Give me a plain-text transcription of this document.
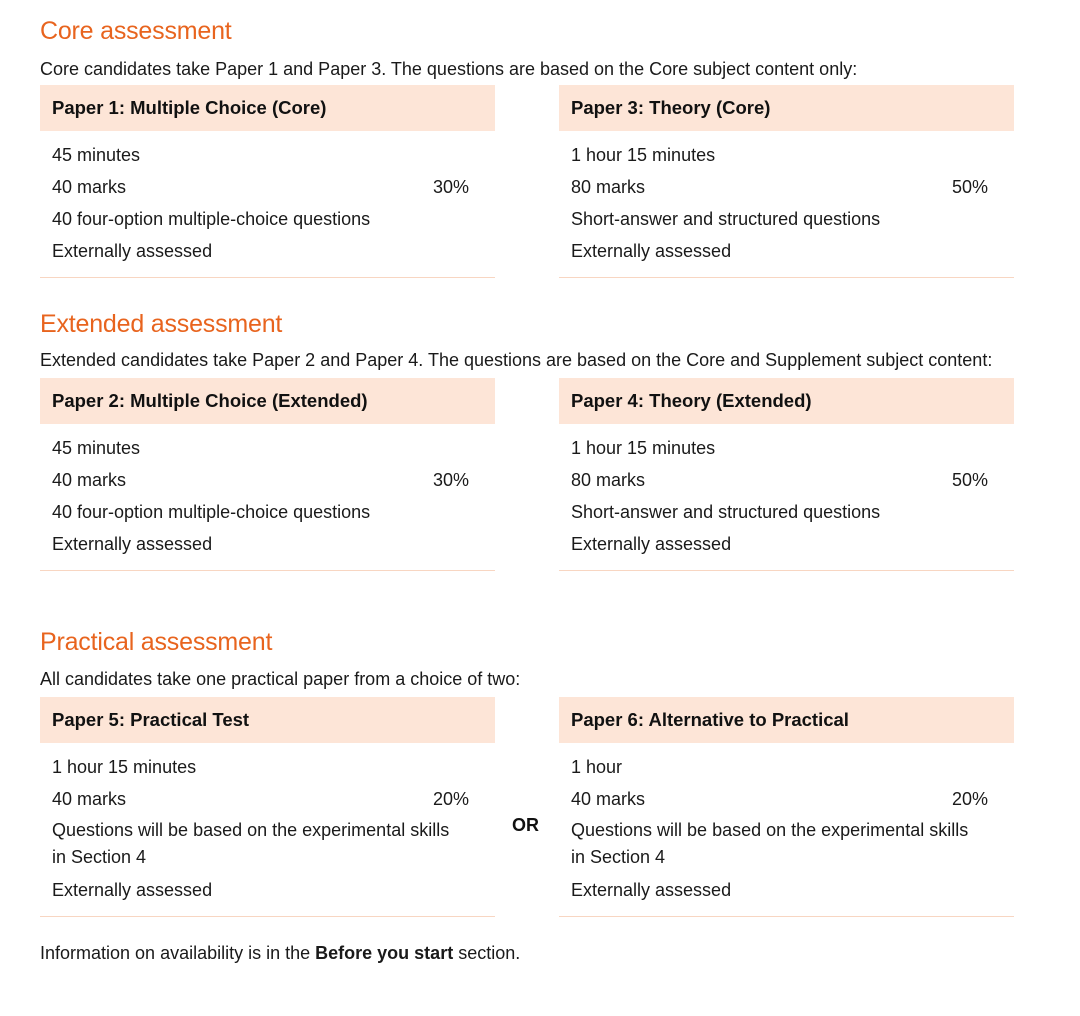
Core assessment

Core candidates take Paper 1 and Paper 3. The questions are based on the Core subject content only:

Paper 1: Multiple Choice (Core)
45 minutes
40 marks	30%
40 four-option multiple-choice questions
Externally assessed
Paper 3: Theory (Core)
1 hour 15 minutes
80 marks	50%
Short-answer and structured questions
Externally assessed
Extended assessment

Extended candidates take Paper 2 and Paper 4. The questions are based on the Core and Supplement subject content:

Paper 2: Multiple Choice (Extended)
45 minutes
40 marks	30%
40 four-option multiple-choice questions
Externally assessed
Paper 4: Theory (Extended)
1 hour 15 minutes
80 marks	50%
Short-answer and structured questions
Externally assessed
Practical assessment

All candidates take one practical paper from a choice of two:

Paper 5: Practical Test
1 hour 15 minutes
40 marks	20%
Questions will be based on the experimental skills in Section 4
Externally assessed
OR
Paper 6: Alternative to Practical
1 hour
40 marks	20%
Questions will be based on the experimental skills in Section 4
Externally assessed
Information on availability is in the Before you start section.
